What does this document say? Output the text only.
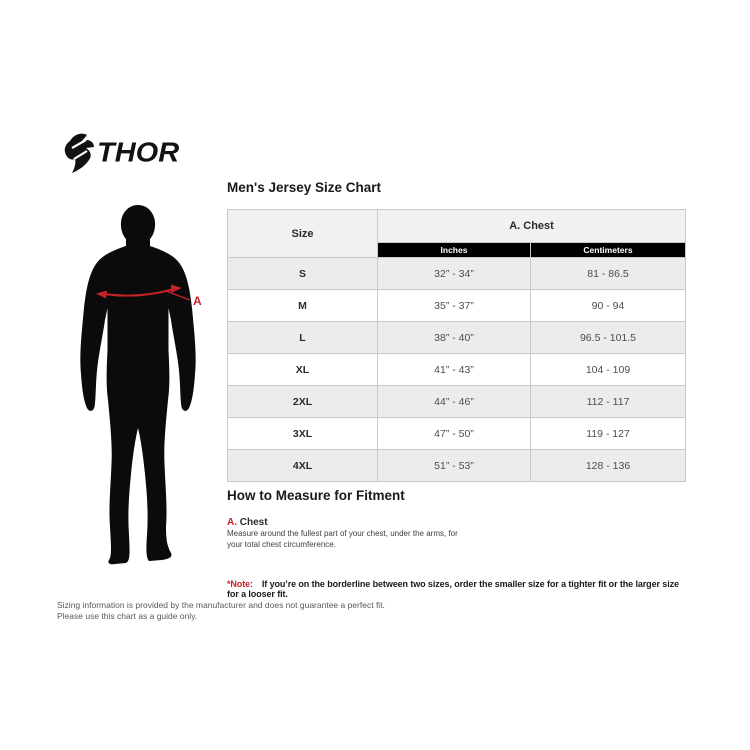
THOR
Men's Jersey Size Chart
A
Size	A. Chest	
	Inches	Centimeters
S	32” - 34”	81 - 86.5
M	35” - 37”	90 - 94
L	38” - 40”	96.5 - 101.5
XL	41” - 43”	104 - 109
2XL	44” - 46”	112 - 117
3XL	47” - 50”	119 - 127
4XL	51” - 53”	128 - 136
How to Measure for Fitment
A. Chest

Measure around the fullest part of your chest, under the arms, for your total chest circumference.

*Note: If you’re on the borderline between two sizes, order the smaller size for a tighter fit or the larger size for a looser fit.
Sizing information is provided by the manufacturer and does not guarantee a perfect fit.
Please use this chart as a guide only.
